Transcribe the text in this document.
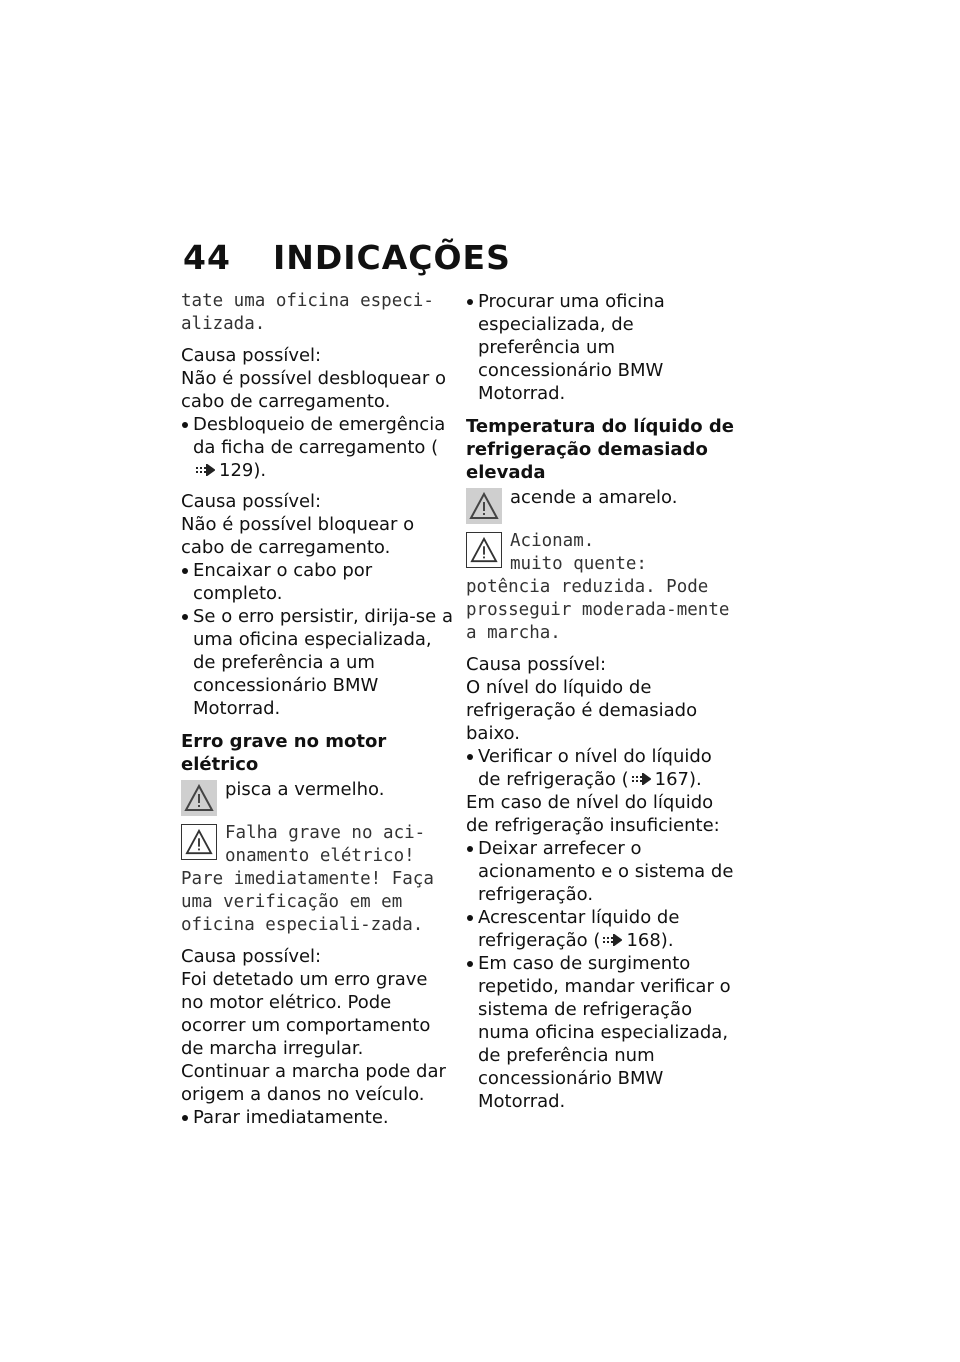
44 INDICAÇÕES

tate uma oficina especi-alizada.

Causa possível:

Não é possível desbloquear o cabo de carregamento.

Desbloqueio de emergência da ficha de carregamento (129).

Causa possível:

Não é possível bloquear o cabo de carregamento.

Encaixar o cabo por completo.

Se o erro persistir, dirija-se a uma oficina especializada, de preferência a um concessionário BMW Motorrad.

Erro grave no motor elétrico

pisca a vermelho.
Falha grave no aci-
onamento elétrico!

Pare imediatamente! Faça uma verificação em em oficina especiali-zada.

Causa possível:

Foi detetado um erro grave no motor elétrico. Pode ocorrer um comportamento de marcha irregular. Continuar a marcha pode dar origem a danos no veículo.

Parar imediatamente.

Procurar uma oficina especializada, de preferência um concessionário BMW Motorrad.

Temperatura do líquido de refrigeração demasiado elevada

acende a amarelo.
Acionam.
muito quente:

potência reduzida. Pode prosseguir moderada-mente a marcha.

Causa possível:

O nível do líquido de refrigeração é demasiado baixo.

Verificar o nível do líquido de refrigeração ( 167).

Em caso de nível do líquido de refrigeração insuficiente:

Deixar arrefecer o acionamento e o sistema de refrigeração.

Acrescentar líquido de refrigeração ( 168).

Em caso de surgimento repetido, mandar verificar o sistema de refrigeração numa oficina especializada, de preferência num concessionário BMW Motorrad.
